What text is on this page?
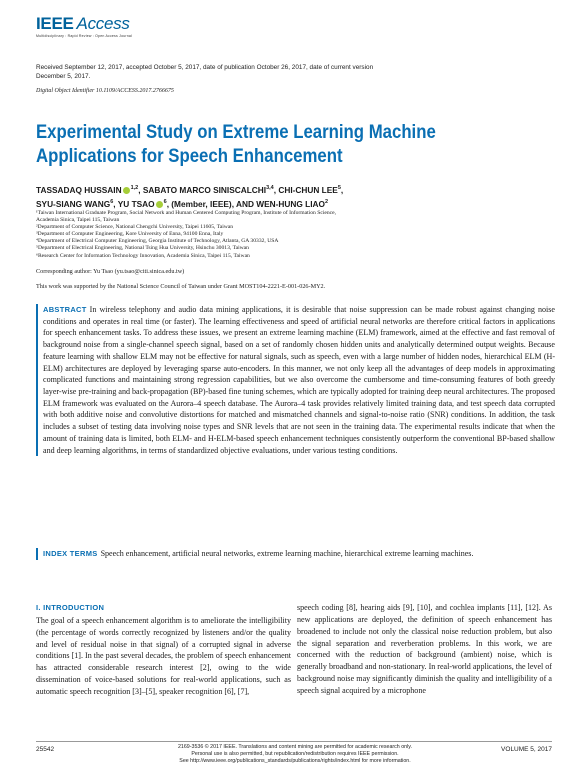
IEEE Access
Multidisciplinary : Rapid Review : Open Access Journal
Received September 12, 2017, accepted October 5, 2017, date of publication October 26, 2017, date of current version December 5, 2017.
Digital Object Identifier 10.1109/ACCESS.2017.2766675
Experimental Study on Extreme Learning Machine Applications for Speech Enhancement
TASSADAQ HUSSAIN $^{1,2}$, SABATO MARCO SINISCALCHI$^{3,4}$, CHI-CHUN LEE$^5$,
SYU-SIANG WANG$^6$, YU TSAO $^6$, (Member, IEEE), AND WEN-HUNG LIAO$^2$
¹Taiwan International Graduate Program, Social Network and Human Centered Computing Program, Institute of Information Science,
Academia Sinica, Taipei 115, Taiwan
²Department of Computer Science, National Chengchi University, Taipei 11605, Taiwan
³Department of Computer Engineering, Kore University of Enna, 94100 Enna, Italy
⁴Department of Electrical Computer Engineering, Georgia Institute of Technology, Atlanta, GA 30332, USA
⁵Department of Electrical Engineering, National Tsing Hua University, Hsinchu 30013, Taiwan
⁶Research Center for Information Technology Innovation, Academia Sinica, Taipei 115, Taiwan
Corresponding author: Yu Tsao (yu.tsao@citi.sinica.edu.tw)
This work was supported by the National Science Council of Taiwan under Grant MOST104-2221-E-001-026-MY2.
ABSTRACT In wireless telephony and audio data mining applications, it is desirable that noise suppression can be made robust against changing noise conditions and operates in real time (or faster). The learning effectiveness and speed of artificial neural networks are therefore critical factors in applications for speech enhancement tasks. To address these issues, we present an extreme learning machine (ELM) framework, aimed at the effective and fast removal of background noise from a single-channel speech signal, based on a set of randomly chosen hidden units and analytically determined output weights. Because feature learning with shallow ELM may not be effective for natural signals, such as speech, even with a large number of hidden nodes, hierarchical ELM (H-ELM) architectures are deployed by leveraging sparse auto-encoders. In this manner, we not only keep all the advantages of deep models in approximating complicated functions and maintaining strong regression capabilities, but we also overcome the cumbersome and time-consuming features of both greedy layer-wise pre-training and back-propagation (BP)-based fine tuning schemes, which are typically adopted for training deep neural architectures. The proposed ELM framework was evaluated on the Aurora–4 speech database. The Aurora–4 task provides relatively limited training data, and test speech data corrupted with both additive noise and convolutive distortions for matched and mismatched channels and signal-to-noise ratio (SNR) conditions. In addition, the task includes a subset of testing data involving noise types and SNR levels that are not seen in the training data. The experimental results indicate that when the amount of training data is limited, both ELM- and H-ELM-based speech enhancement techniques consistently outperform the conventional BP-based shallow and deep learning algorithms, in terms of standardized objective evaluations, under various testing conditions.
INDEX TERMS Speech enhancement, artificial neural networks, extreme learning machine, hierarchical extreme learning machines.
I. INTRODUCTION
The goal of a speech enhancement algorithm is to ameliorate the intelligibility (the percentage of words correctly recognized by listeners and/or the quality and level of residual noise in that signal) of a corrupted signal in adverse conditions [1]. In the past several decades, the problem of speech enhancement has attracted considerable research interest [2], owing to the wide dissemination of voice-based solutions for real-world applications, such as automatic speech recognition [3]–[5], speaker recognition [6], [7],
speech coding [8], hearing aids [9], [10], and cochlea implants [11], [12]. As new applications are deployed, the definition of speech enhancement has broadened to include not only the classical noise reduction problem, but also the signal separation and reverberation problems. In this work, we are concerned with the reduction of background (ambient) noise, which is generally broadband and non-stationary. In real-world applications, the level of background noise may significantly diminish the quality and intelligibility of a speech signal acquired by a microphone
25542	2169-3536 © 2017 IEEE. Translations and content mining are permitted for academic research only.
Personal use is also permitted, but republication/redistribution requires IEEE permission.
See http://www.ieee.org/publications_standards/publications/rights/index.html for more information.
VOLUME 5, 2017
